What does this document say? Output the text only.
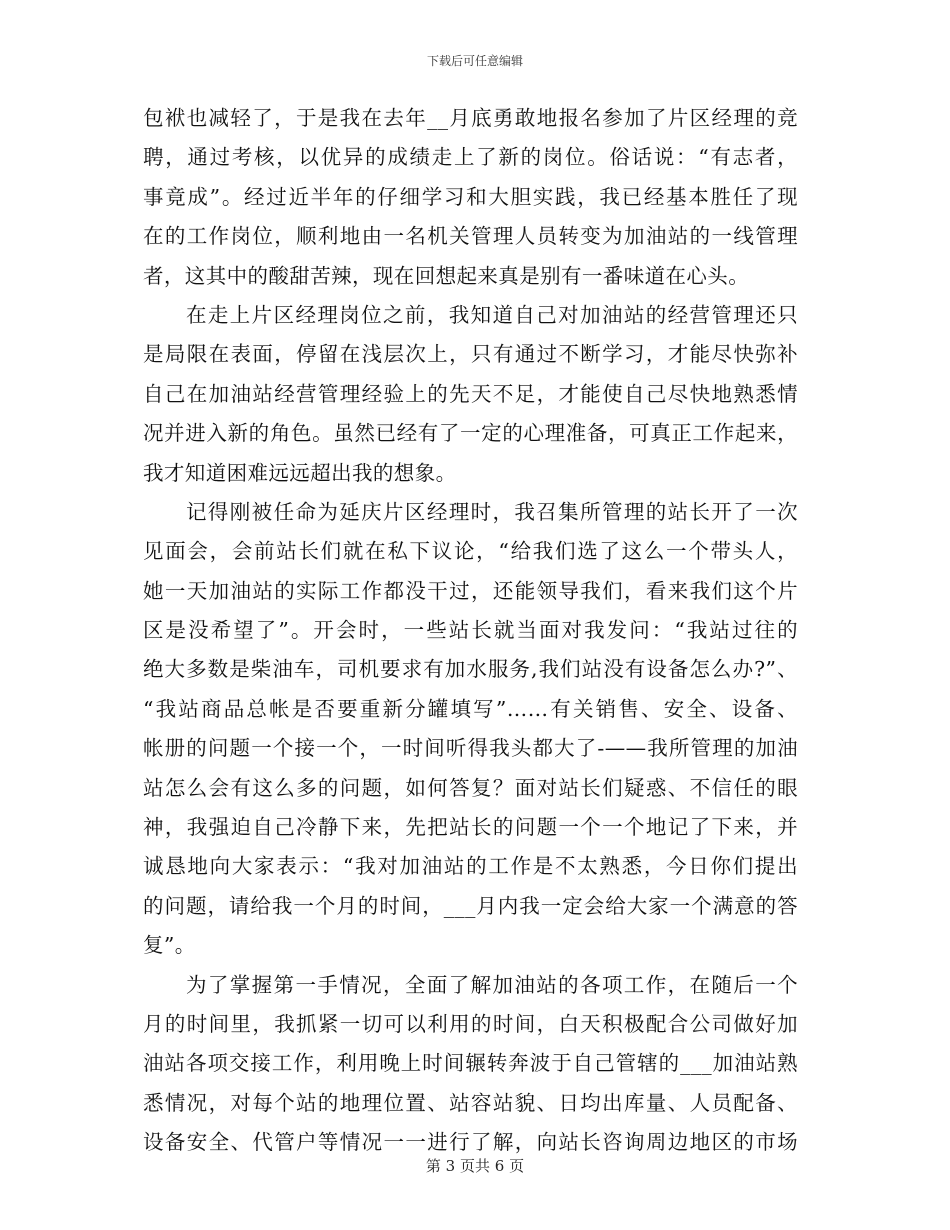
下载后可任意编辑
包袱也减轻了，于是我在去年__月底勇敢地报名参加了片区经理的竞
聘，通过考核，以优异的成绩走上了新的岗位。俗话说：“有志者，
事竟成”。经过近半年的仔细学习和大胆实践，我已经基本胜任了现
在的工作岗位，顺利地由一名机关管理人员转变为加油站的一线管理
者，这其中的酸甜苦辣，现在回想起来真是别有一番味道在心头。
在走上片区经理岗位之前，我知道自己对加油站的经营管理还只
是局限在表面，停留在浅层次上，只有通过不断学习，才能尽快弥补
自己在加油站经营管理经验上的先天不足，才能使自己尽快地熟悉情
况并进入新的角色。虽然已经有了一定的心理准备，可真正工作起来，
我才知道困难远远超出我的想象。
记得刚被任命为延庆片区经理时，我召集所管理的站长开了一次
见面会，会前站长们就在私下议论，“给我们选了这么一个带头人，
她一天加油站的实际工作都没干过，还能领导我们，看来我们这个片
区是没希望了”。开会时，一些站长就当面对我发问：“我站过往的
绝大多数是柴油车，司机要求有加水服务,我们站没有设备怎么办?”、
“我站商品总帐是否要重新分罐填写”……有关销售、安全、设备、
帐册的问题一个接一个，一时间听得我头都大了-——我所管理的加油
站怎么会有这么多的问题，如何答复？面对站长们疑惑、不信任的眼
神，我强迫自己冷静下来，先把站长的问题一个一个地记了下来，并
诚恳地向大家表示：“我对加油站的工作是不太熟悉，今日你们提出
的问题，请给我一个月的时间，___月内我一定会给大家一个满意的答
复”。
为了掌握第一手情况，全面了解加油站的各项工作，在随后一个
月的时间里，我抓紧一切可以利用的时间，白天积极配合公司做好加
油站各项交接工作，利用晚上时间辗转奔波于自己管辖的___加油站熟
悉情况，对每个站的地理位置、站容站貌、日均出库量、人员配备、
设备安全、代管户等情况一一进行了解，向站长咨询周边地区的市场
第 3 页共 6 页
